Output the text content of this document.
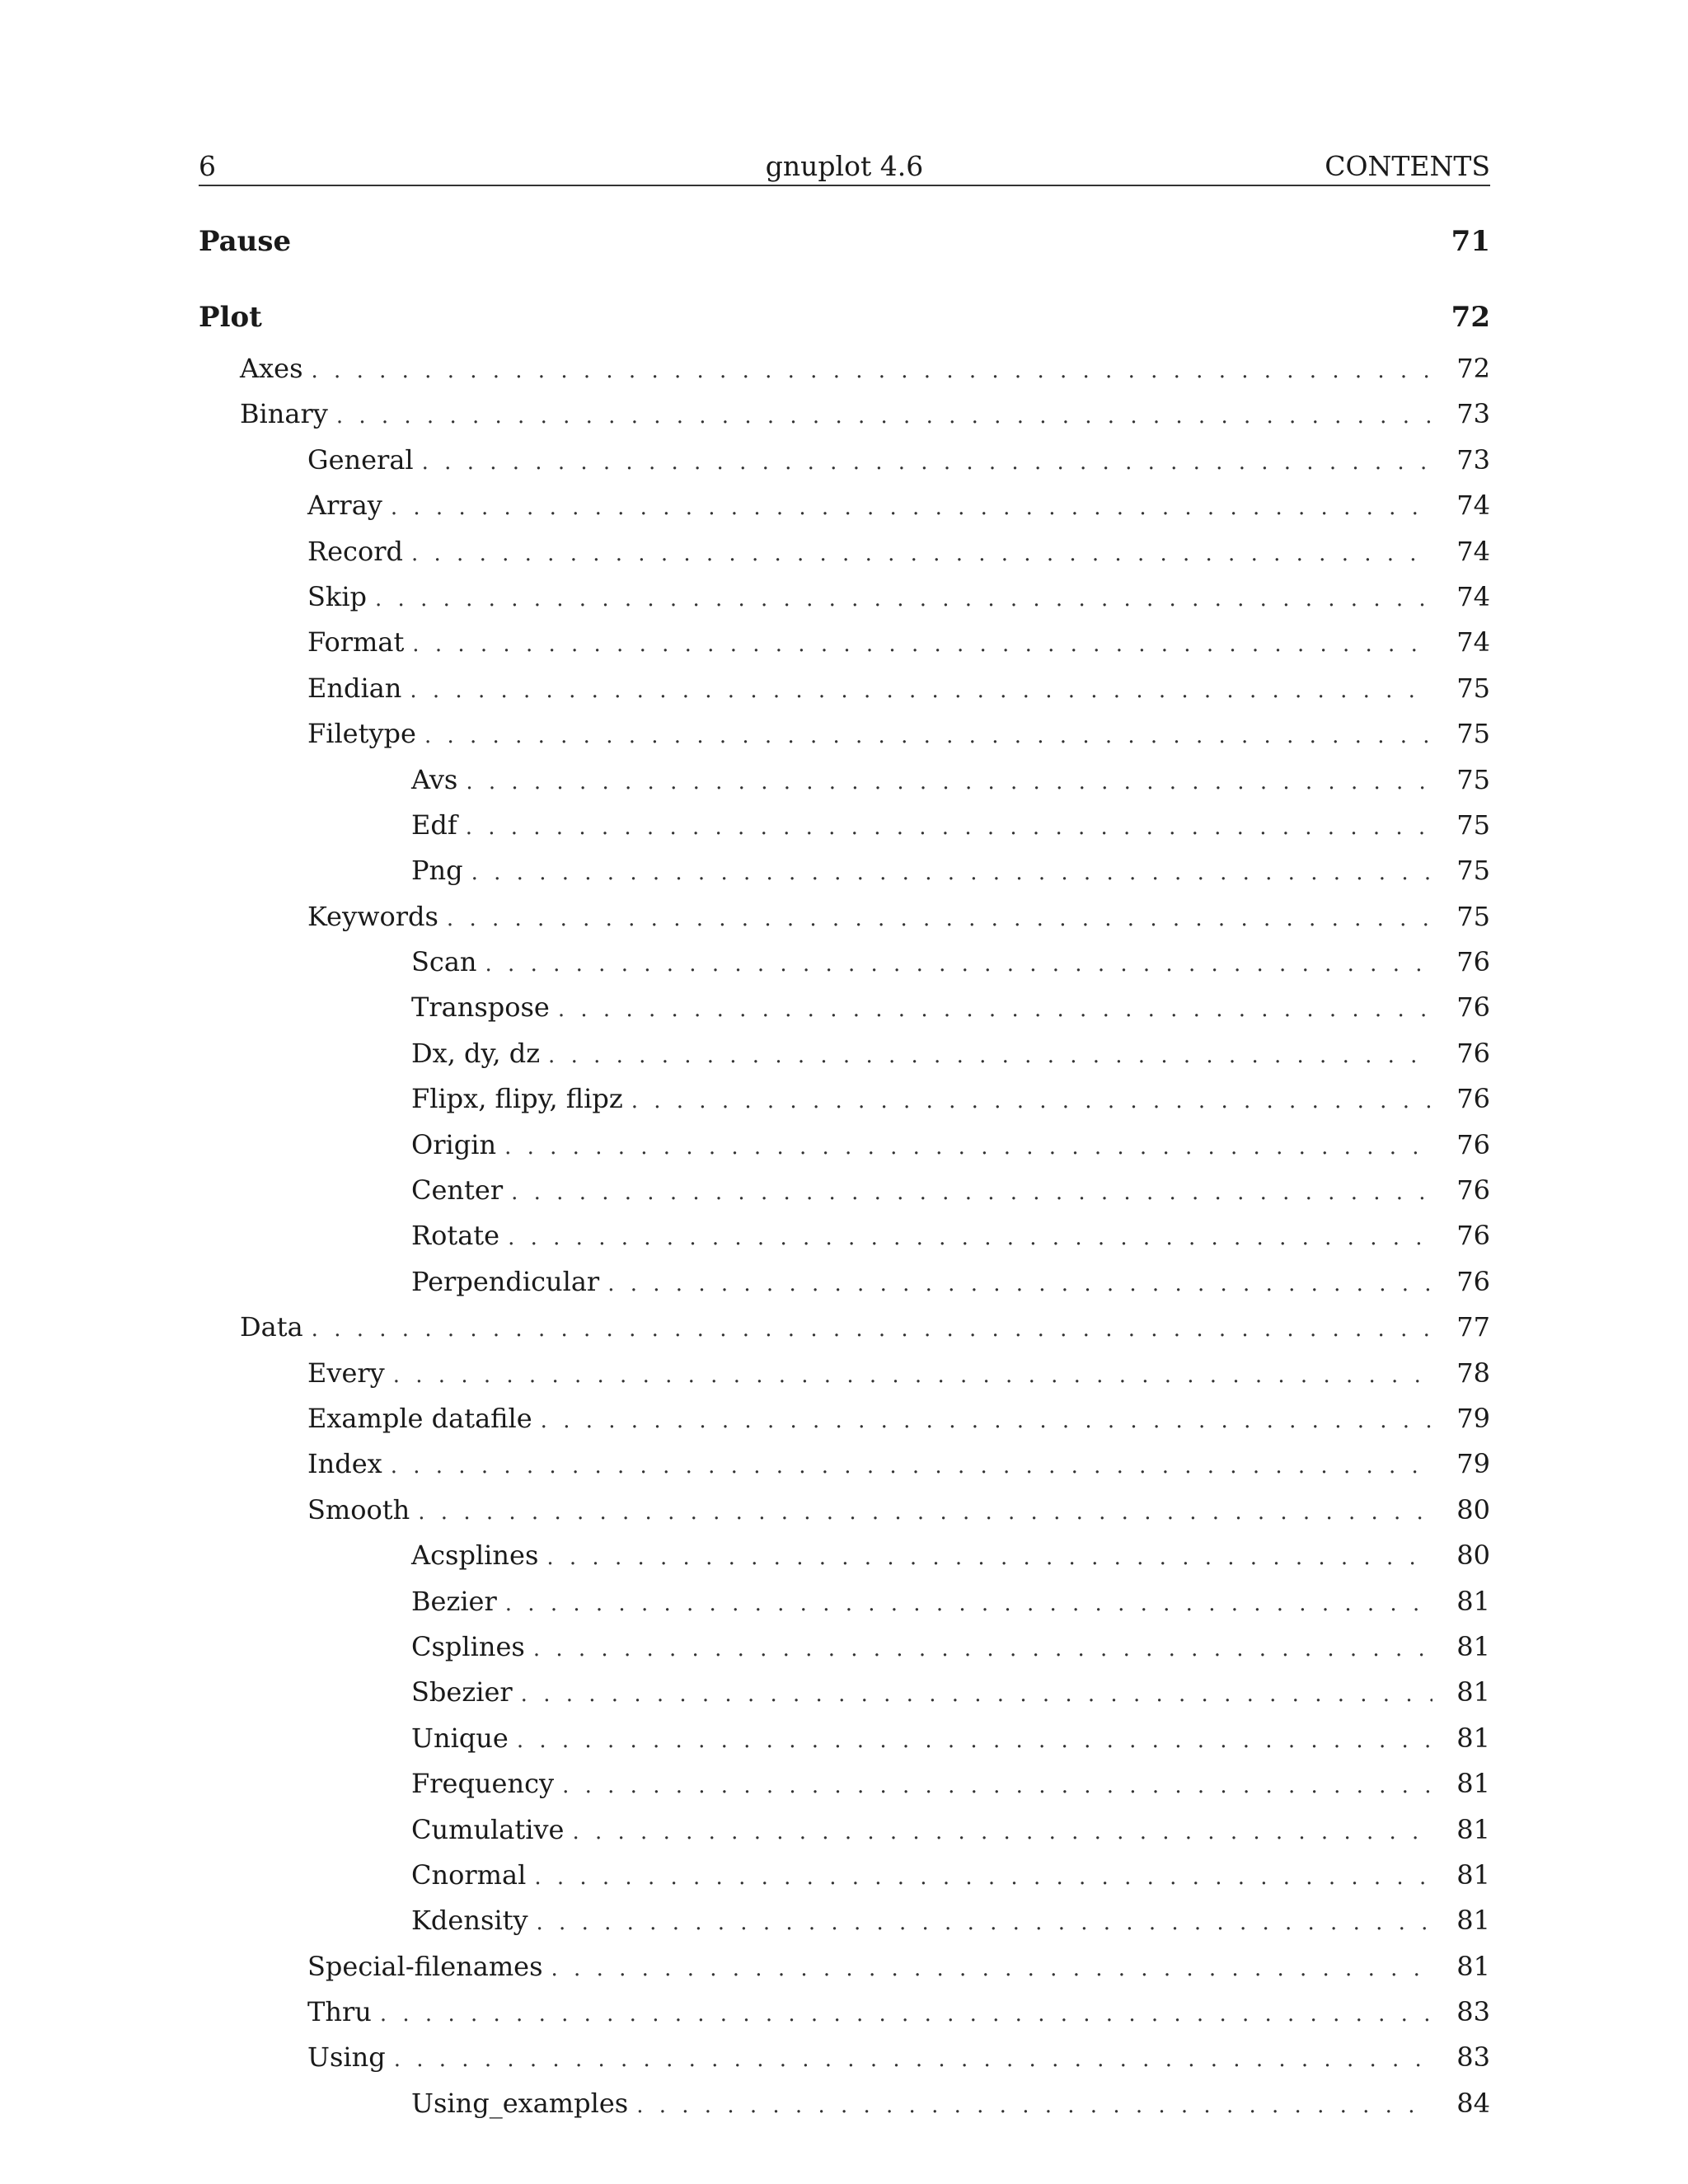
6	gnuplot 4.6	CONTENTS
Pause	71
Plot	72
Axes . . .	72
Binary . . .	73
General . . .	73
Array . . .	74
Record . . .	74
Skip . . .	74
Format . . .	74
Endian . . .	75
Filetype . . .	75
Avs . . .	75
Edf . . .	75
Png . . .	75
Keywords . . .	75
Scan . . .	76
Transpose . . .	76
Dx, dy, dz . . .	76
Flipx, flipy, flipz . . .	76
Origin . . .	76
Center . . .	76
Rotate . . .	76
Perpendicular . . .	76
Data . . .	77
Every . . .	78
Example datafile . . .	79
Index . . .	79
Smooth . . .	80
Acsplines . . .	80
Bezier . . .	81
Csplines . . .	81
Sbezier . . .	81
Unique . . .	81
Frequency . . .	81
Cumulative . . .	81
Cnormal . . .	81
Kdensity . . .	81
Special-filenames . . .	81
Thru . . .	83
Using . . .	83
Using_examples . . .	84
